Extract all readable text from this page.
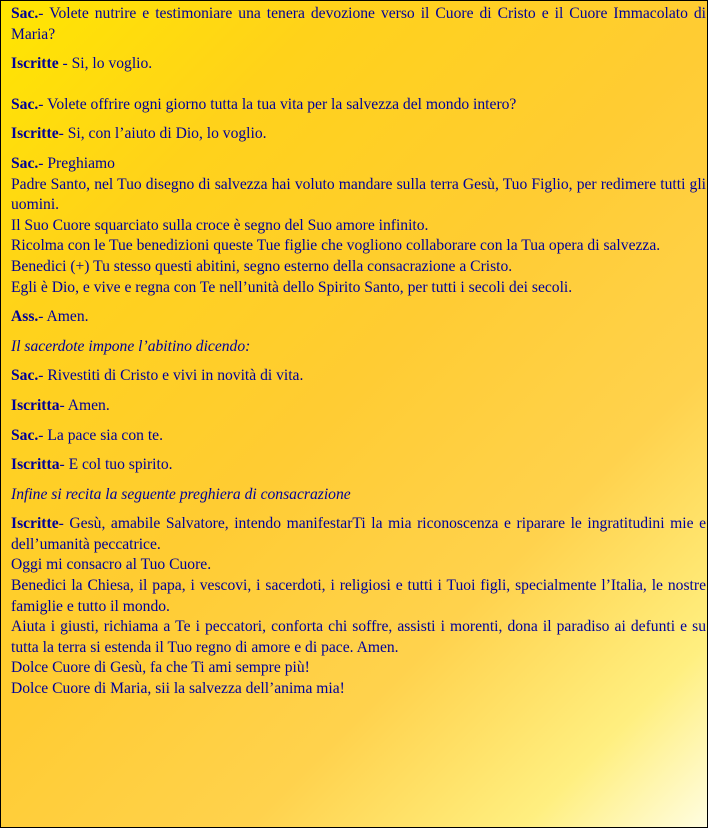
Sac.- Volete nutrire e testimoniare una tenera devozione verso il Cuore di Cristo e il Cuore Immacolato di Maria?

Iscritte - Si, lo voglio.

Sac.- Volete offrire ogni giorno tutta la tua vita per la salvezza del mondo intero?

Iscritte- Si, con l’aiuto di Dio, lo voglio.

Sac.- Preghiamo
Padre Santo, nel Tuo disegno di salvezza hai voluto mandare sulla terra Gesù, Tuo Figlio, per redimere tutti gli uomini.
Il Suo Cuore squarciato sulla croce è segno del Suo amore infinito.
Ricolma con le Tue benedizioni queste Tue figlie che vogliono collaborare con la Tua opera di salvezza.
Benedici (+) Tu stesso questi abitini, segno esterno della consacrazione a Cristo.
Egli è Dio, e vive e regna con Te nell’unità dello Spirito Santo, per tutti i secoli dei secoli.

Ass.- Amen.

Il sacerdote impone l’abitino dicendo:

Sac.- Rivestiti di Cristo e vivi in novità di vita.

Iscritta- Amen.

Sac.- La pace sia con te.

Iscritta- E col tuo spirito.

Infine si recita la seguente preghiera di consacrazione

Iscritte- Gesù, amabile Salvatore, intendo manifestarTi la mia riconoscenza e riparare le ingratitudini mie e dell’umanità peccatrice.
Oggi mi consacro al Tuo Cuore.
Benedici la Chiesa, il papa, i vescovi, i sacerdoti, i religiosi e tutti i Tuoi figli, specialmente l’Italia, le nostre famiglie e tutto il mondo.
Aiuta i giusti, richiama a Te i peccatori, conforta chi soffre, assisti i morenti, dona il paradiso ai defunti e su tutta la terra si estenda il Tuo regno di amore e di pace. Amen.
Dolce Cuore di Gesù, fa che Ti ami sempre più!
Dolce Cuore di Maria, sii la salvezza dell’anima mia!
